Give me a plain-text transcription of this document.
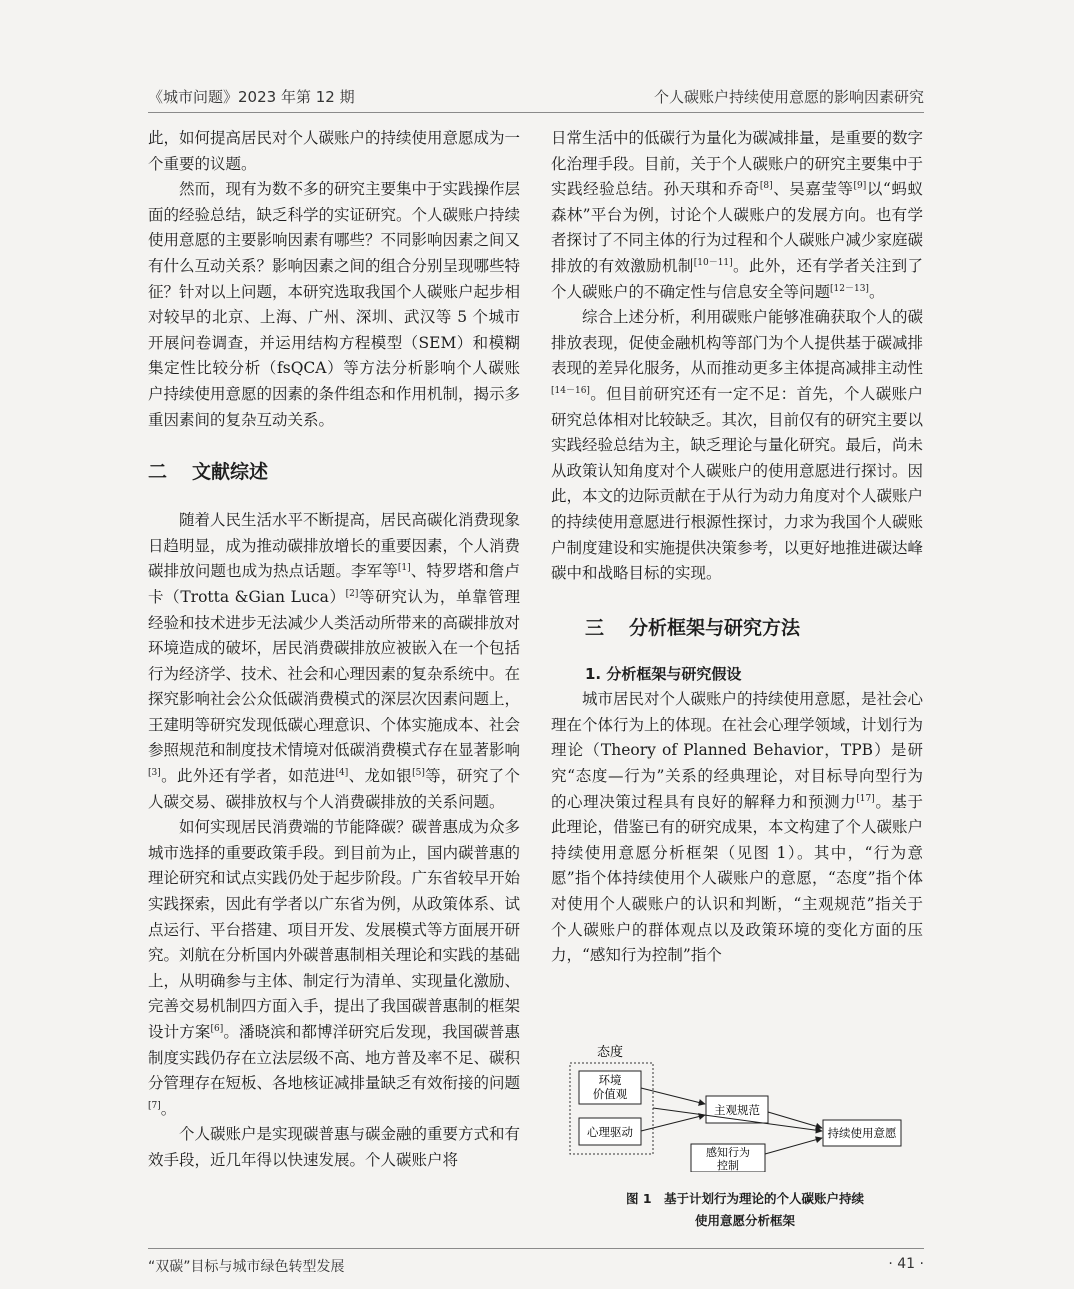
《城市问题》2023 年第 12 期	个人碳账户持续使用意愿的影响因素研究

此，如何提高居民对个人碳账户的持续使用意愿成为一个重要的议题。

然而，现有为数不多的研究主要集中于实践操作层面的经验总结，缺乏科学的实证研究。个人碳账户持续使用意愿的主要影响因素有哪些？不同影响因素之间又有什么互动关系？影响因素之间的组合分别呈现哪些特征？针对以上问题，本研究选取我国个人碳账户起步相对较早的北京、上海、广州、深圳、武汉等 5 个城市开展问卷调查，并运用结构方程模型（SEM）和模糊集定性比较分析（fsQCA）等方法分析影响个人碳账户持续使用意愿的因素的条件组态和作用机制，揭示多重因素间的复杂互动关系。

二 文献综述

随着人民生活水平不断提高，居民高碳化消费现象日趋明显，成为推动碳排放增长的重要因素，个人消费碳排放问题也成为热点话题。李军等[1]、特罗塔和詹卢卡（Trotta &Gian Luca）[2]等研究认为，单靠管理经验和技术进步无法减少人类活动所带来的高碳排放对环境造成的破坏，居民消费碳排放应被嵌入在一个包括行为经济学、技术、社会和心理因素的复杂系统中。在探究影响社会公众低碳消费模式的深层次因素问题上，王建明等研究发现低碳心理意识、个体实施成本、社会参照规范和制度技术情境对低碳消费模式存在显著影响[3]。此外还有学者，如范进[4]、龙如银[5]等，研究了个人碳交易、碳排放权与个人消费碳排放的关系问题。

如何实现居民消费端的节能降碳？碳普惠成为众多城市选择的重要政策手段。到目前为止，国内碳普惠的理论研究和试点实践仍处于起步阶段。广东省较早开始实践探索，因此有学者以广东省为例，从政策体系、试点运行、平台搭建、项目开发、发展模式等方面展开研究。刘航在分析国内外碳普惠制相关理论和实践的基础上，从明确参与主体、制定行为清单、实现量化激励、完善交易机制四方面入手，提出了我国碳普惠制的框架设计方案[6]。潘晓滨和都博洋研究后发现，我国碳普惠制度实践仍存在立法层级不高、地方普及率不足、碳积分管理存在短板、各地核证减排量缺乏有效衔接的问题[7]。

个人碳账户是实现碳普惠与碳金融的重要方式和有效手段，近几年得以快速发展。个人碳账户将

日常生活中的低碳行为量化为碳减排量，是重要的数字化治理手段。目前，关于个人碳账户的研究主要集中于实践经验总结。孙天琪和乔奇[8]、吴嘉莹等[9]以“蚂蚁森林”平台为例，讨论个人碳账户的发展方向。也有学者探讨了不同主体的行为过程和个人碳账户减少家庭碳排放的有效激励机制[10－11]。此外，还有学者关注到了个人碳账户的不确定性与信息安全等问题[12－13]。

综合上述分析，利用碳账户能够准确获取个人的碳排放表现，促使金融机构等部门为个人提供基于碳减排表现的差异化服务，从而推动更多主体提高减排主动性[14－16]。但目前研究还有一定不足：首先，个人碳账户研究总体相对比较缺乏。其次，目前仅有的研究主要以实践经验总结为主，缺乏理论与量化研究。最后，尚未从政策认知角度对个人碳账户的使用意愿进行探讨。因此，本文的边际贡献在于从行为动力角度对个人碳账户的持续使用意愿进行根源性探讨，力求为我国个人碳账户制度建设和实施提供决策参考，以更好地推进碳达峰碳中和战略目标的实现。

三 分析框架与研究方法

1. 分析框架与研究假设

城市居民对个人碳账户的持续使用意愿，是社会心理在个体行为上的体现。在社会心理学领域，计划行为理论（Theory of Planned Behavior，TPB）是研究“态度—行为”关系的经典理论，对目标导向型行为的心理决策过程具有良好的解释力和预测力[17]。基于此理论，借鉴已有的研究成果，本文构建了个人碳账户持续使用意愿分析框架（见图 1）。其中，“行为意愿”指个体持续使用个人碳账户的意愿，“态度”指个体对使用个人碳账户的认识和判断，“主观规范”指关于个人碳账户的群体观点以及政策环境的变化方面的压力，“感知行为控制”指个

态度
环境
价值观
心理驱动
主观规范
感知行为
控制
持续使用意愿
图 1　基于计划行为理论的个人碳账户持续
使用意愿分析框架
“双碳”目标与城市绿色转型发展	· 41 ·
